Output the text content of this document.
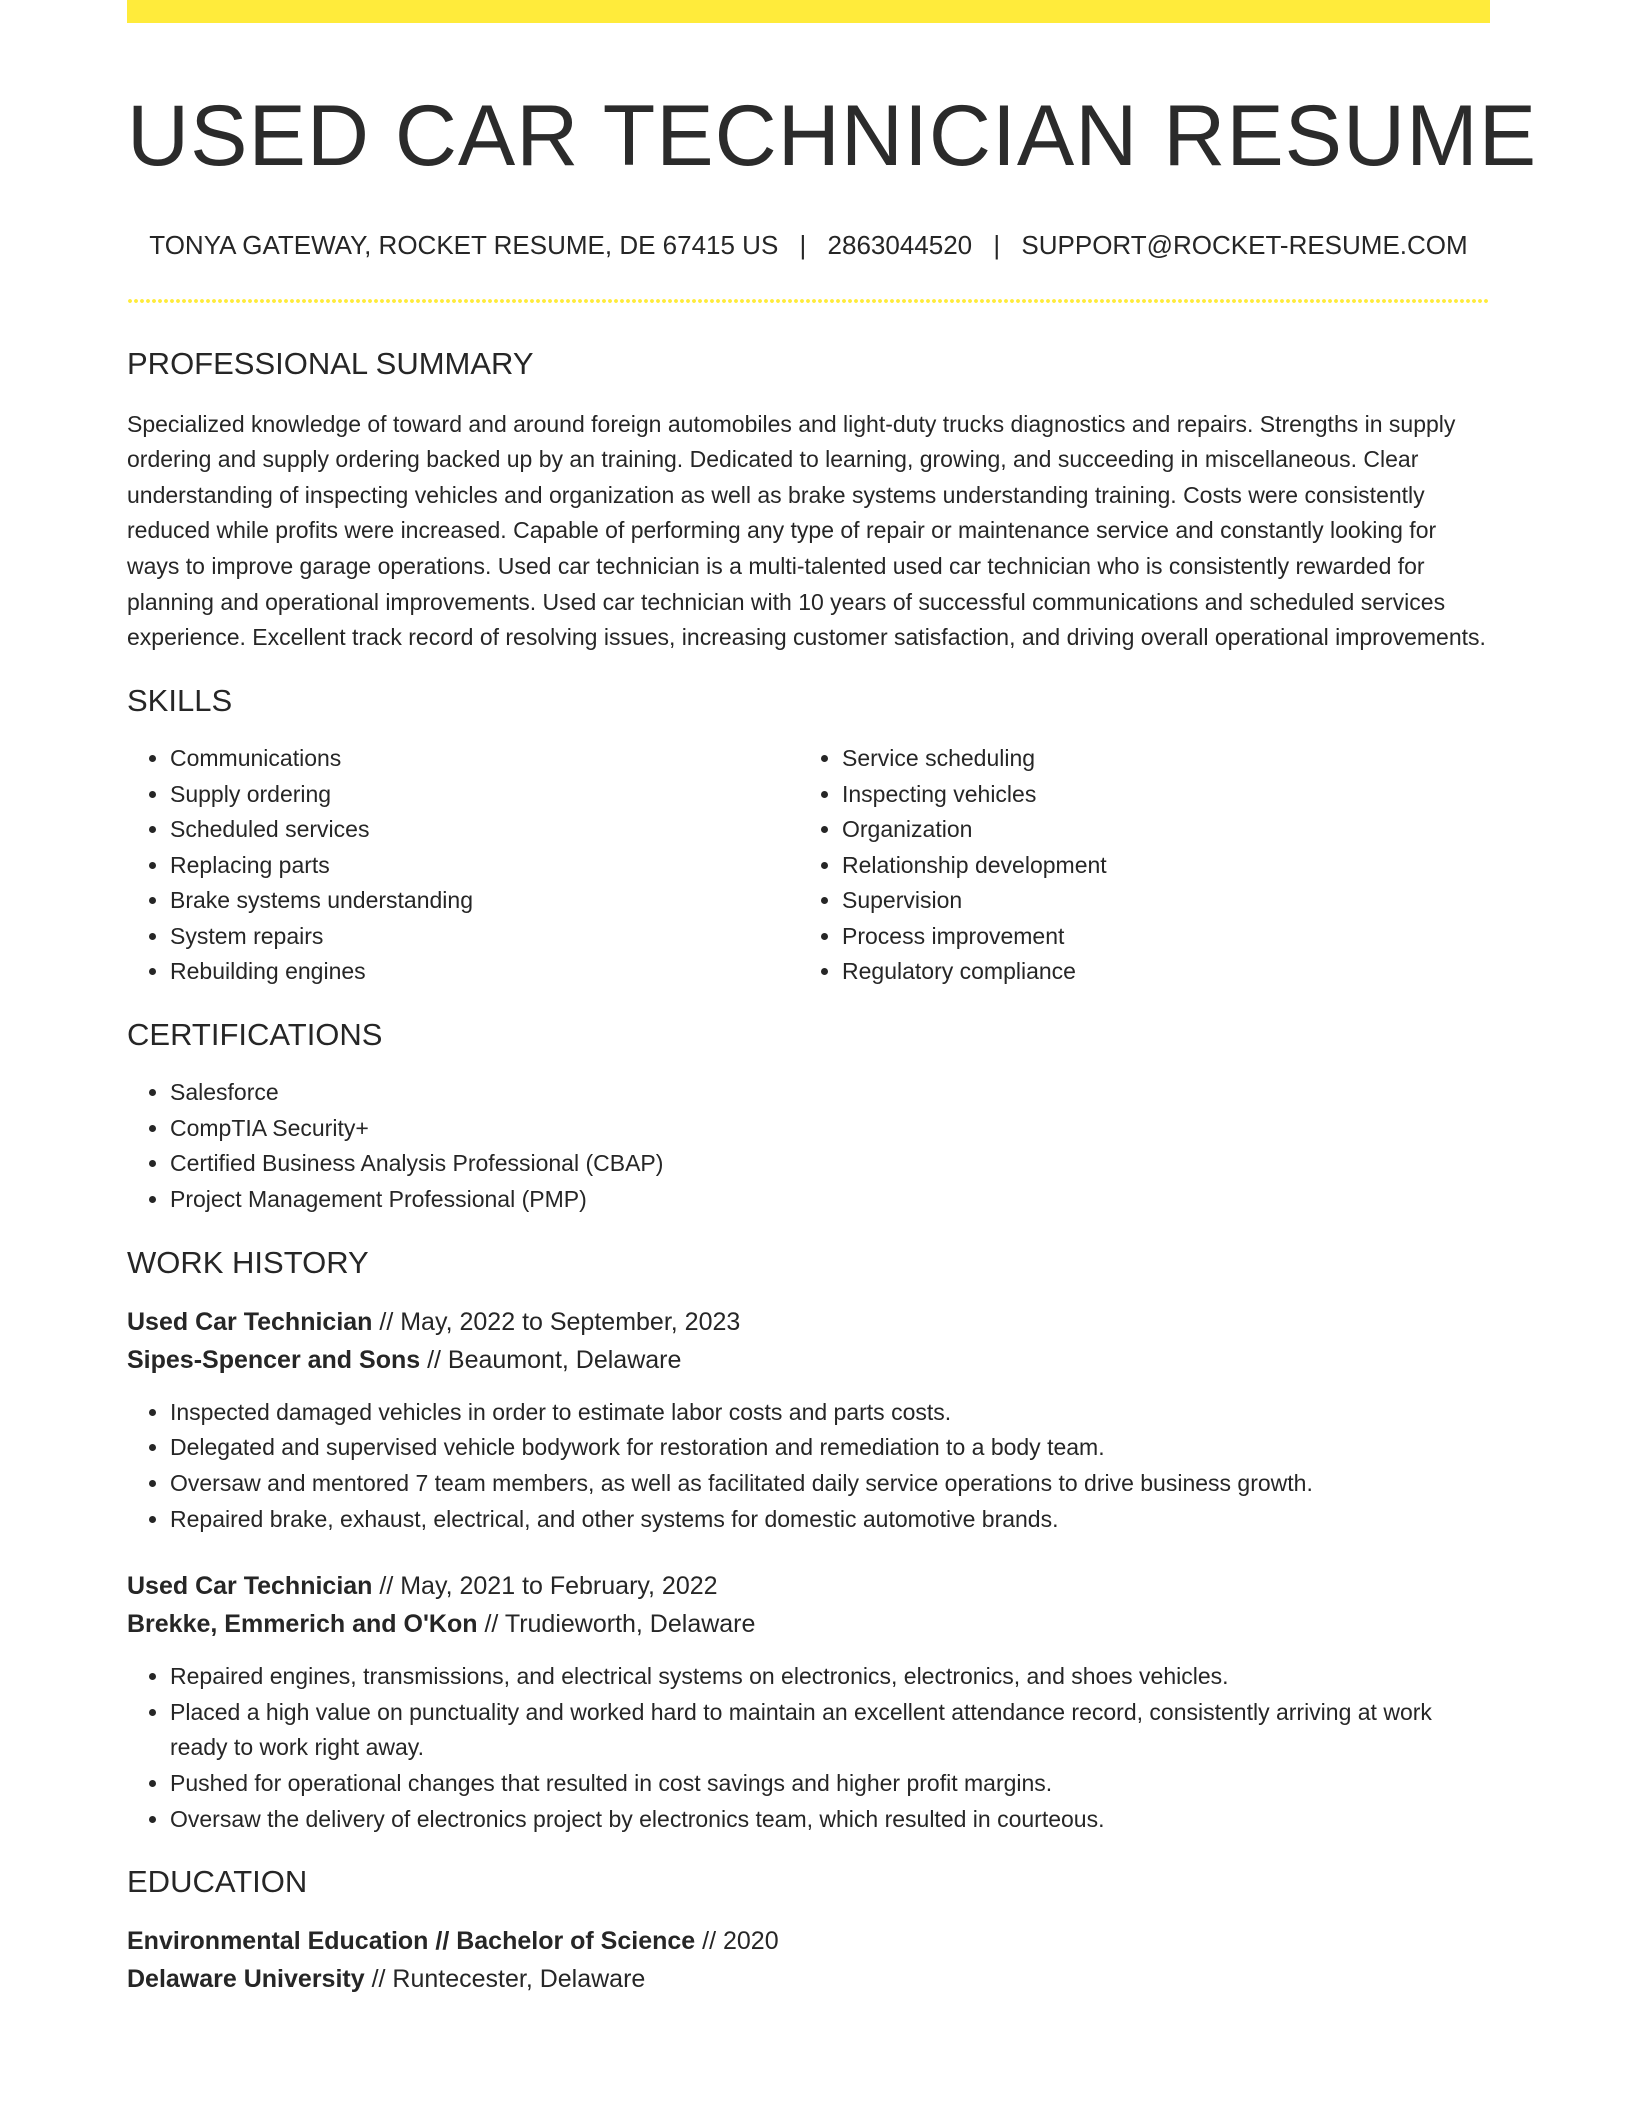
USED CAR TECHNICIAN RESUME
TONYA GATEWAY, ROCKET RESUME, DE 67415 US | 2863044520 | SUPPORT@ROCKET-RESUME.COM
PROFESSIONAL SUMMARY

Specialized knowledge of toward and around foreign automobiles and light-duty trucks diagnostics and repairs. Strengths in supply ordering and supply ordering backed up by an training. Dedicated to learning, growing, and succeeding in miscellaneous. Clear understanding of inspecting vehicles and organization as well as brake systems understanding training. Costs were consistently reduced while profits were increased. Capable of performing any type of repair or maintenance service and constantly looking for ways to improve garage operations. Used car technician is a multi-talented used car technician who is consistently rewarded for planning and operational improvements. Used car technician with 10 years of successful communications and scheduled services experience. Excellent track record of resolving issues, increasing customer satisfaction, and driving overall operational improvements.

SKILLS
• Communications
• Supply ordering
• Scheduled services
• Replacing parts
• Brake systems understanding
• System repairs
• Rebuilding engines
• Service scheduling
• Inspecting vehicles
• Organization
• Relationship development
• Supervision
• Process improvement
• Regulatory compliance
CERTIFICATIONS
• Salesforce
• CompTIA Security+
• Certified Business Analysis Professional (CBAP)
• Project Management Professional (PMP)
WORK HISTORY
Used Car Technician // May, 2022 to September, 2023
Sipes-Spencer and Sons // Beaumont, Delaware
• Inspected damaged vehicles in order to estimate labor costs and parts costs.
• Delegated and supervised vehicle bodywork for restoration and remediation to a body team.
• Oversaw and mentored 7 team members, as well as facilitated daily service operations to drive business growth.
• Repaired brake, exhaust, electrical, and other systems for domestic automotive brands.
Used Car Technician // May, 2021 to February, 2022
Brekke, Emmerich and O'Kon // Trudieworth, Delaware
• Repaired engines, transmissions, and electrical systems on electronics, electronics, and shoes vehicles.
• Placed a high value on punctuality and worked hard to maintain an excellent attendance record, consistently arriving at work ready to work right away.
• Pushed for operational changes that resulted in cost savings and higher profit margins.
• Oversaw the delivery of electronics project by electronics team, which resulted in courteous.
EDUCATION
Environmental Education // Bachelor of Science // 2020
Delaware University // Runtecester, Delaware
